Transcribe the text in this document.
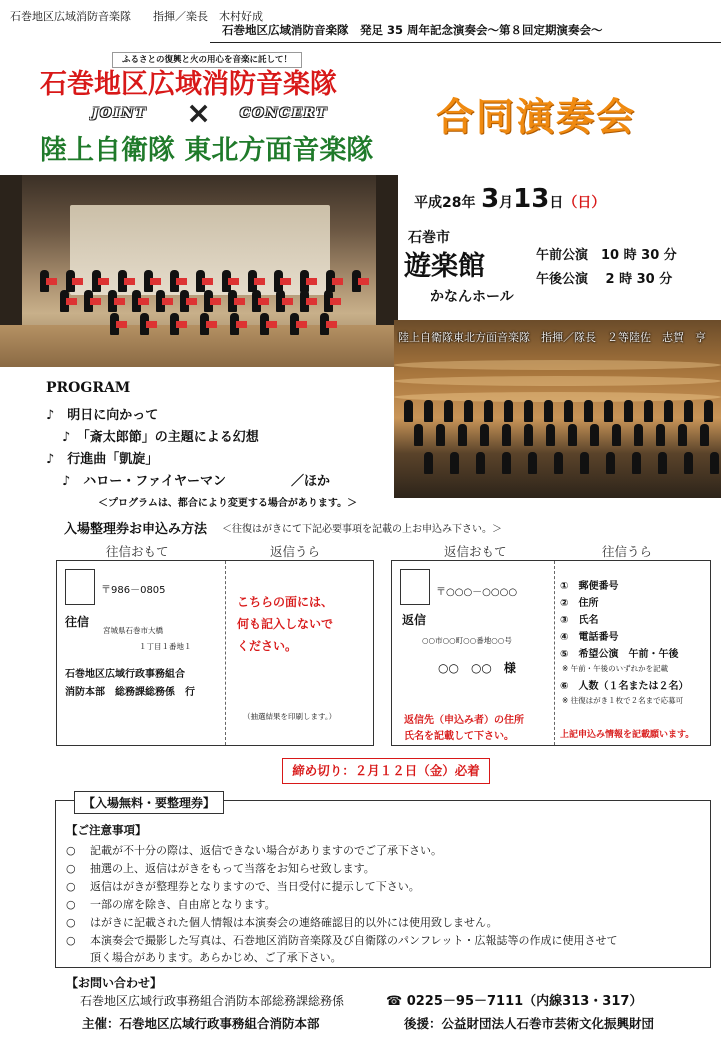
石巻地区広域消防音楽隊　発足 35 周年記念演奏会～第８回定期演奏会～
石巻地区広域消防音楽隊
JOINT × CONCERT
陸上自衛隊 東北方面音楽隊
合同演奏会
石巻地区広域消防音楽隊　　指揮／楽長　木村好成
ふるさとの復興と火の用心を音楽に託して！
平成28年 3月13日（日）
石巻市
遊楽館
かなんホール
午前公演　10 時 30 分
午後公演　 2 時 30 分
陸上自衛隊東北方面音楽隊　指揮／隊長　２等陸佐　志賀　亨
PROGRAM
♪　明日に向かって
♪　「斎太郎節」の主題による幻想
♪　行進曲「凱旋」
♪　ハロー・ファイヤーマン　　　　　／ほか
＜プログラムは、都合により変更する場合があります。＞
入場整理券お申込み方法 ＜往復はがきにて下記必要事項を記載の上お申込み下さい。＞
往信おもて	返信うら	返信おもて	往信うら
〒986－0805
往信
宮城県石巻市大橋
１丁目１番地１
石巻地区広域行政事務組合
消防本部　総務課総務係　行
こちらの面には、
何も記入しないで
ください。
（抽選結果を印刷します。）
〒○○○－○○○○
返信
○○市○○町○○番地○○号
○○　○○　様
返信先（申込み者）の住所
氏名を記載して下さい。
①　郵便番号
②　住所
③　氏名
④　電話番号
⑤　希望公演　午前・午後
※ 午前・午後のいずれかを記載
⑥　人数（１名または２名）
※ 往復はがき１枚で２名まで応募可
上記申込み情報を記載願います。
締め切り：２月１２日（金）必着
【入場無料・要整理券】
【ご注意事項】
○ 記載が不十分の際は、返信できない場合がありますのでご了承下さい。
○ 抽選の上、返信はがきをもって当落をお知らせ致します。
○ 返信はがきが整理券となりますので、当日受付に提示して下さい。
○ 一部の席を除き、自由席となります。
○ はがきに記載された個人情報は本演奏会の連絡確認目的以外には使用致しません。
○ 本演奏会で撮影した写真は、石巻地区消防音楽隊及び自衛隊のパンフレット・広報誌等の作成に使用させて
頂く場合があります。あらかじめ、ご了承下さい。
【お問い合わせ】
石巻地区広域行政事務組合消防本部総務課総務係	☎ 0225－95－7111（内線313・317）
主催：石巻地区広域行政事務組合消防本部	後援：公益財団法人石巻市芸術文化振興財団
